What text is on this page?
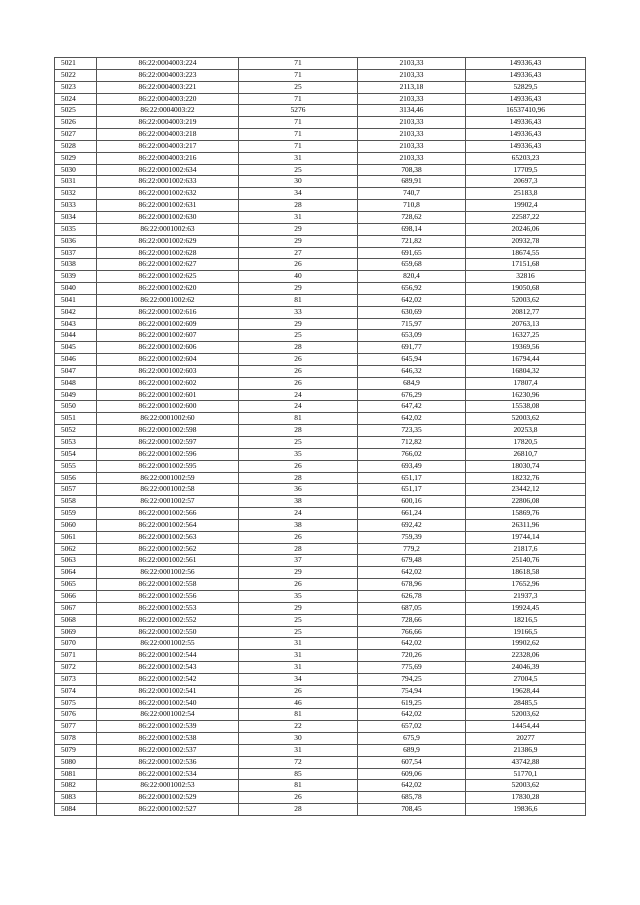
5021	86:22:0004003:224	71	2103,33	149336,43
5022	86:22:0004003:223	71	2103,33	149336,43
5023	86:22:0004003:221	25	2113,18	52829,5
5024	86:22:0004003:220	71	2103,33	149336,43
5025	86:22:0004003:22	5276	3134,46	16537410,96
5026	86:22:0004003:219	71	2103,33	149336,43
5027	86:22:0004003:218	71	2103,33	149336,43
5028	86:22:0004003:217	71	2103,33	149336,43
5029	86:22:0004003:216	31	2103,33	65203,23
5030	86:22:0001002:634	25	708,38	17709,5
5031	86:22:0001002:633	30	689,91	20697,3
5032	86:22:0001002:632	34	740,7	25183,8
5033	86:22:0001002:631	28	710,8	19902,4
5034	86:22:0001002:630	31	728,62	22587,22
5035	86:22:0001002:63	29	698,14	20246,06
5036	86:22:0001002:629	29	721,82	20932,78
5037	86:22:0001002:628	27	691,65	18674,55
5038	86:22:0001002:627	26	659,68	17151,68
5039	86:22:0001002:625	40	820,4	32816
5040	86:22:0001002:620	29	656,92	19050,68
5041	86:22:0001002:62	81	642,02	52003,62
5042	86:22:0001002:616	33	630,69	20812,77
5043	86:22:0001002:609	29	715,97	20763,13
5044	86:22:0001002:607	25	653,09	16327,25
5045	86:22:0001002:606	28	691,77	19369,56
5046	86:22:0001002:604	26	645,94	16794,44
5047	86:22:0001002:603	26	646,32	16804,32
5048	86:22:0001002:602	26	684,9	17807,4
5049	86:22:0001002:601	24	676,29	16230,96
5050	86:22:0001002:600	24	647,42	15538,08
5051	86:22:0001002:60	81	642,02	52003,62
5052	86:22:0001002:598	28	723,35	20253,8
5053	86:22:0001002:597	25	712,82	17820,5
5054	86:22:0001002:596	35	766,02	26810,7
5055	86:22:0001002:595	26	693,49	18030,74
5056	86:22:0001002:59	28	651,17	18232,76
5057	86:22:0001002:58	36	651,17	23442,12
5058	86:22:0001002:57	38	600,16	22806,08
5059	86:22:0001002:566	24	661,24	15869,76
5060	86:22:0001002:564	38	692,42	26311,96
5061	86:22:0001002:563	26	759,39	19744,14
5062	86:22:0001002:562	28	779,2	21817,6
5063	86:22:0001002:561	37	679,48	25140,76
5064	86:22:0001002:56	29	642,02	18618,58
5065	86:22:0001002:558	26	678,96	17652,96
5066	86:22:0001002:556	35	626,78	21937,3
5067	86:22:0001002:553	29	687,05	19924,45
5068	86:22:0001002:552	25	728,66	18216,5
5069	86:22:0001002:550	25	766,66	19166,5
5070	86:22:0001002:55	31	642,02	19902,62
5071	86:22:0001002:544	31	720,26	22328,06
5072	86:22:0001002:543	31	775,69	24046,39
5073	86:22:0001002:542	34	794,25	27004,5
5074	86:22:0001002:541	26	754,94	19628,44
5075	86:22:0001002:540	46	619,25	28485,5
5076	86:22:0001002:54	81	642,02	52003,62
5077	86:22:0001002:539	22	657,02	14454,44
5078	86:22:0001002:538	30	675,9	20277
5079	86:22:0001002:537	31	689,9	21386,9
5080	86:22:0001002:536	72	607,54	43742,88
5081	86:22:0001002:534	85	609,06	51770,1
5082	86:22:0001002:53	81	642,02	52003,62
5083	86:22:0001002:529	26	685,78	17830,28
5084	86:22:0001002:527	28	708,45	19836,6
